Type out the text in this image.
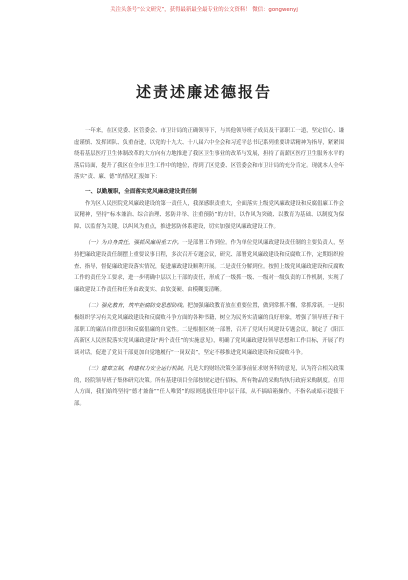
关注头条号“公文研究”，获得最新最全最专业的公文资料！ 微信：gongwenyj
述责述廉述德报告

一年来，在区党委、区管委会、市卫计局的正确领导下，与其他领导班子成员及干部职工一道，坚定信心、谦虚谨慎、发挥团队、负重奋进，以党的十九大、十八届六中全会和习近平总书记系列重要讲话精神为指导，紧紧围绕着基层医疗卫生体制改革的大方向有力地推进了我区卫生事业的改革与发展，担持了南薪区医疗卫生服务水平的落后局面，提升了我区在全市卫生工作中的地位，得到了区党委、区管委会和市卫计局的充分肯定。现就本人全年落实“责、廉、德”的情况汇报如下：

一、以勤履职，全面落实党风廉政建设责任制

作为区人民医院党风廉政建设的第一责任人，我深感职责重大，全面落实上级党风廉政建设和反腐倡廉工作会议精神，坚持“标本兼治、综合治理、惩防并举、注重预防”的方针，以作风为突破、以教育为基础、以制度为保障、以监督为关键，以纠风为重点，推进惩防体系建设，切实加强党风廉政建设工作。

（一）为自身责任，强抓风廉用重工作。一是部署工作到位。作为单位党风廉政建设责任制的主要负责人，坚持把廉政建设责任制摆上重要议事日程，多次召开专题会议，研究、部署党风廉政建设和反腐败工作，定期组织检查、指导，督促廉政建设落实情况，促进廉政建设顺利开展。二是责任分解到位。按照上级党风廉政建设和反腐败工作的责任分工要求，进一步明确中层以上干部的责任，形成了一级抓一级、一级对一级负责的工作机制，实现了廉政建设工作责任和任务由政变实、由软变硬、由模糊变清晰。

（二）强化教育，筑牢拒腐防变思想防线。把加强廉政教育放在重要位置，做到常抓不懈，常抓常新。一是积极组织学习有关党风廉政建设和反腐败斗争方面的各种书籍，树立为民务实清廉的良好形象，增强了领导班子和干部职工的廉洁自律意识和反腐倡廉的自觉性。二是根据区统一部署，召开了党风行风建设专题会议，制定了《阳江高新区人民医院落实党风廉政建设“两个责任”的实施意见》，明确了党风廉政建设领导思想和工作目标，开展了约谈对话，促进了党员干部更加自觉地履行“一岗双责”，坚定不移推进党风廉政建设和反腐败斗争。

（三）建章立制，构建权力安全运行机制。凡是大的财经决策全部事前征求财务科的意见，认为符合相关政策的，经院领导班子集体研究决策。所有基建项目全部按规定进行招标，所有物品的采购均执行政府采购制度。在用人方面，我们始终坚持“德才兼备”“任人唯贤”的原则选拔任用中层干部，从不搞暗箱操作，不指名或暗示提拔干部。
